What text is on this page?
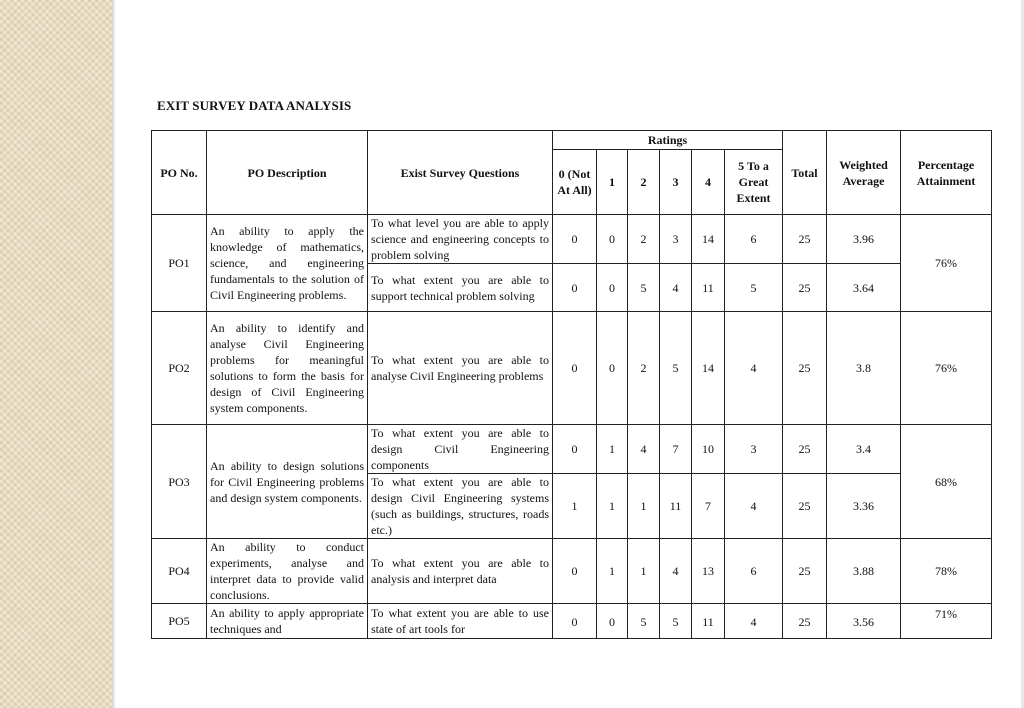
EXIT SURVEY DATA ANALYSIS
PO No.	PO Description	Exist Survey Questions	Ratings						Total	Weighted Average	Percentage Attainment
			0 (Not At All)	1	2	3	4	5 To a Great Extent			
PO1	An ability to apply the knowledge of mathematics, science, and engineering fundamentals to the solution of Civil Engineering problems.	To what level you are able to apply science and engineering concepts to problem solving	0	0	2	3	14	6	25	3.96	76%
		To what extent you are able to support technical problem solving	0	0	5	4	11	5	25	3.64	
PO2	An ability to identify and analyse Civil Engineering problems for meaningful solutions to form the basis for design of Civil Engineering system components.	To what extent you are able to analyse Civil Engineering problems	0	0	2	5	14	4	25	3.8	76%
PO3	An ability to design solutions for Civil Engineering problems and design system components.	To what extent you are able to design Civil Engineering components	0	1	4	7	10	3	25	3.4	68%
		To what extent you are able to design Civil Engineering systems (such as buildings, structures, roads etc.)	1	1	1	11	7	4	25	3.36	
PO4	An ability to conduct experiments, analyse and interpret data to provide valid conclusions.	To what extent you are able to analysis and interpret data	0	1	1	4	13	6	25	3.88	78%
PO5	An ability to apply appropriate techniques and	To what extent you are able to use state of art tools for	0	0	5	5	11	4	25	3.56	71%
